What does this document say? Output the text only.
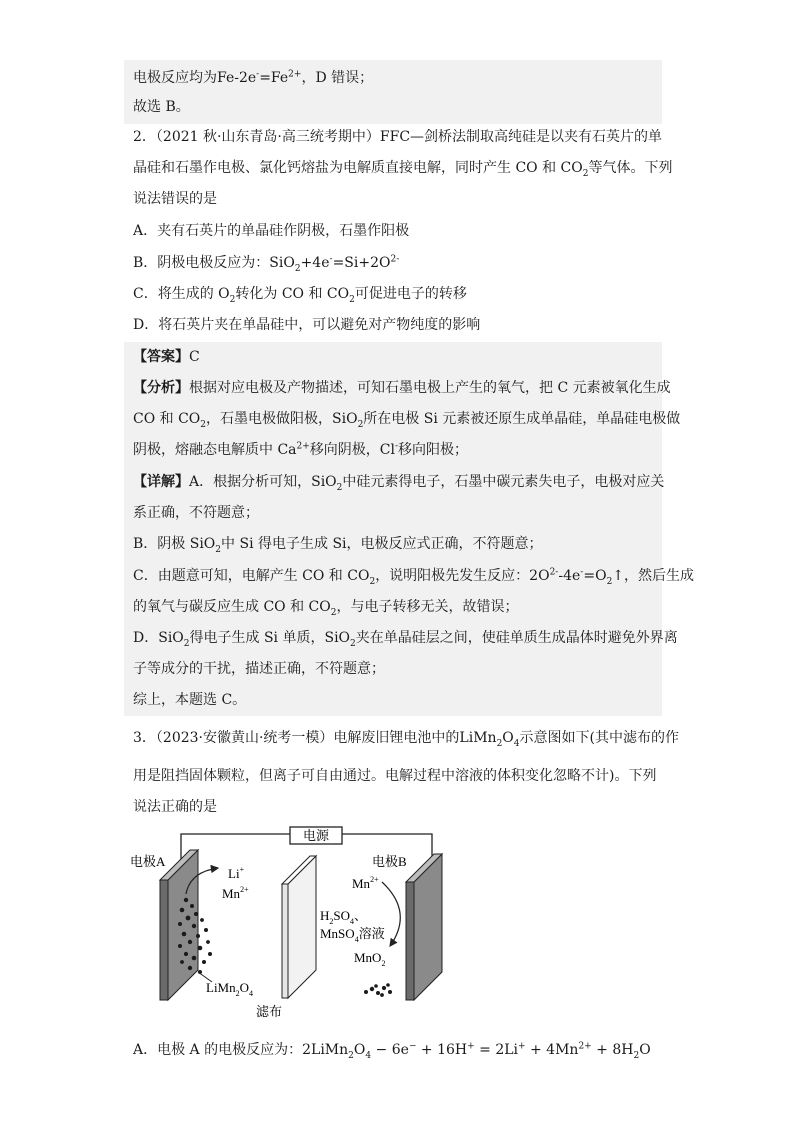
电极反应均为$Fe-2e^-=Fe^{2+}$，D 错误；
故选 B。
2．（2021 秋·山东青岛·高三统考期中）FFC—剑桥法制取高纯硅是以夹有石英片的单
晶硅和石墨作电极、氯化钙熔盐为电解质直接电解，同时产生 CO 和 $CO_2$等气体。下列
说法错误的是
A．夹有石英片的单晶硅作阴极，石墨作阳极
B．阴极电极反应为：$SiO_2+4e^-=Si+2O^{2-}$
C．将生成的 $O_2$转化为 CO 和 $CO_2$可促进电子的转移
D．将石英片夹在单晶硅中，可以避免对产物纯度的影响
【答案】C
【分析】根据对应电极及产物描述，可知石墨电极上产生的氧气，把 C 元素被氧化生成
CO 和 $CO_2$，石墨电极做阳极，SiO$_2$所在电极 Si 元素被还原生成单晶硅，单晶硅电极做
阴极，熔融态电解质中 $Ca^{2+}$移向阴极，Cl-移向阳极；
【详解】A．根据分析可知，SiO$_2$中硅元素得电子，石墨中碳元素失电子，电极对应关
系正确，不符题意；
B．阴极 SiO$_2$中 Si 得电子生成 Si，电极反应式正确，不符题意；
C．由题意可知，电解产生 CO 和 $CO_2$，说明阳极先发生反应：$2O^{2-}-4e^-=O_2↑$，然后生成
的氧气与碳反应生成 CO 和 $CO_2$，与电子转移无关，故错误；
D．SiO$_2$得电子生成 Si 单质，SiO$_2$夹在单晶硅层之间，使硅单质生成晶体时避免外界离
子等成分的干扰，描述正确，不符题意；
综上，本题选 C。
3．（2023·安徽黄山·统考一模）电解废旧锂电池中的$LiMn_2O_4$示意图如下(其中滤布的作
用是阻挡固体颗粒，但离子可自由通过。电解过程中溶液的体积变化忽略不计)。下列
说法正确的是
电源
电极A	电极B
Li+
$Mn^{2+}$	$Mn^{2+}$
$H_2SO_4$、
MnSO$_4$溶液
MnO$_2$
$LiMn_2O_4$
滤布
A．电极 A 的电极反应为：$2LiMn_2O_4 - 6e^- + 16H^+ = 2Li^+ + 4Mn^{2+} + 8H_2O$
